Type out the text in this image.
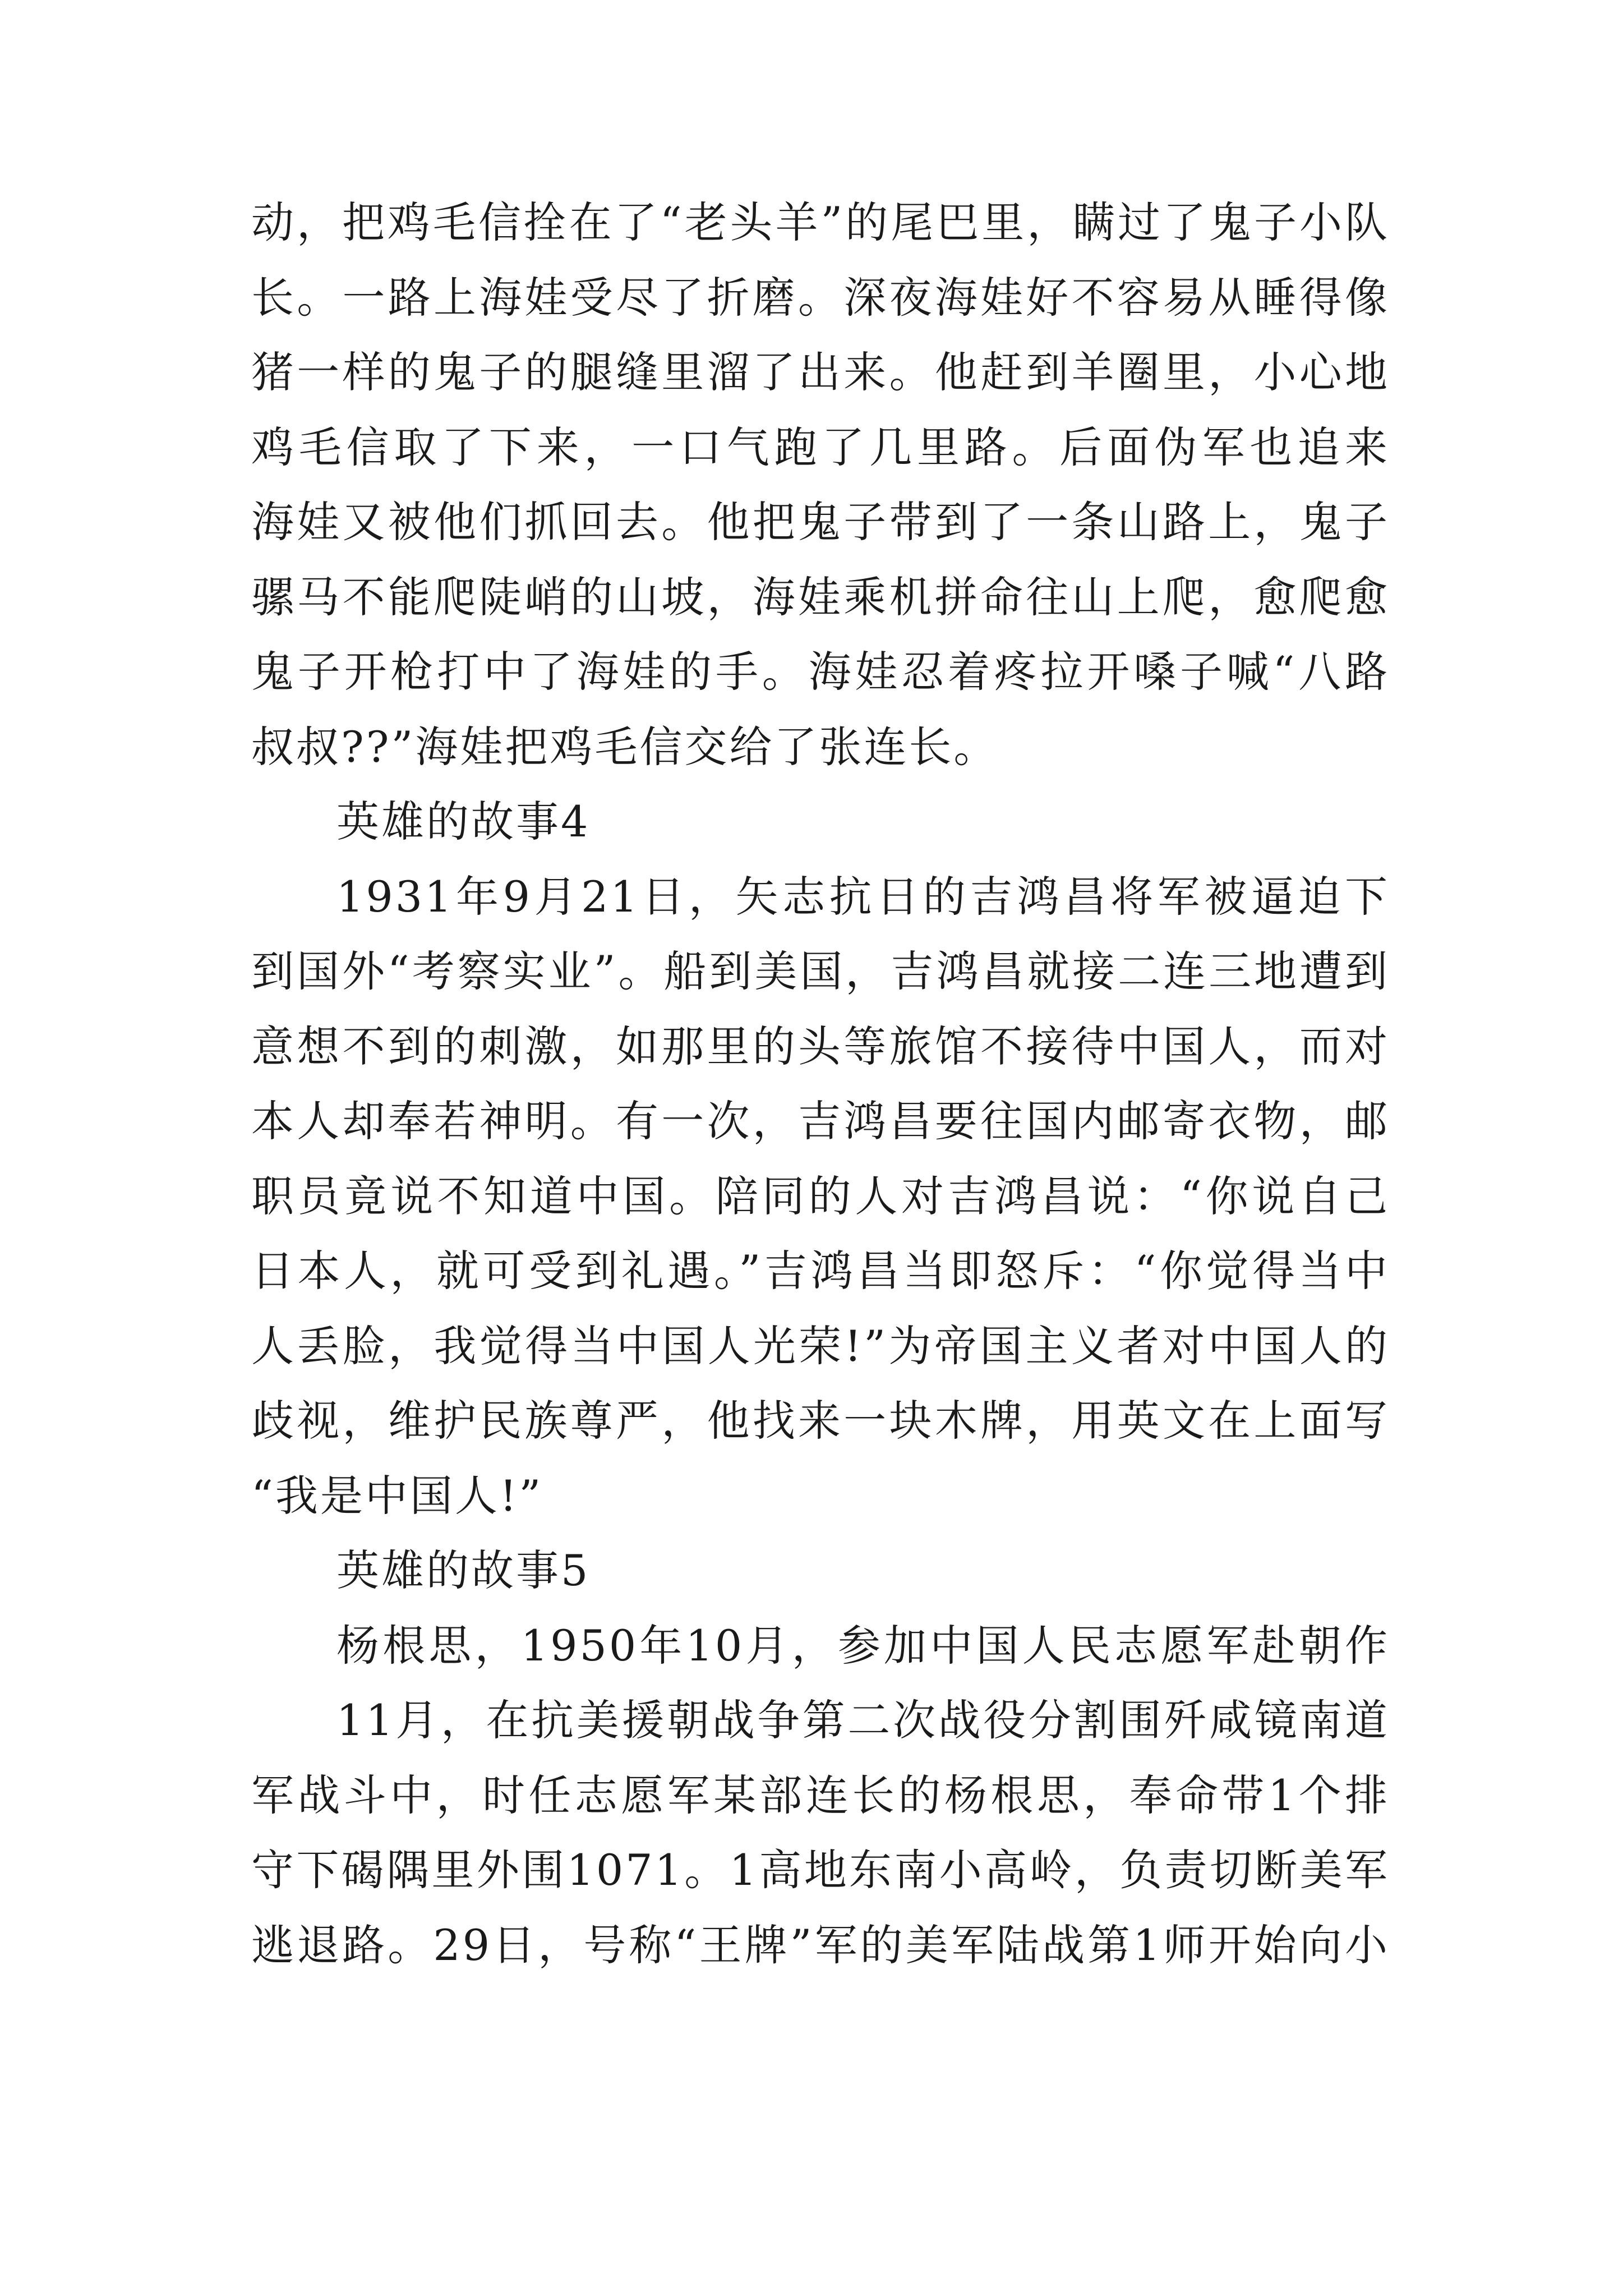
动，把鸡毛信拴在了“老头羊”的尾巴里，瞒过了鬼子小队
长。一路上海娃受尽了折磨。深夜海娃好不容易从睡得像
猪一样的鬼子的腿缝里溜了出来。他赶到羊圈里，小心地
鸡毛信取了下来，一口气跑了几里路。后面伪军也追来
海娃又被他们抓回去。他把鬼子带到了一条山路上，鬼子
骡马不能爬陡峭的山坡，海娃乘机拼命往山上爬，愈爬愈
鬼子开枪打中了海娃的手。海娃忍着疼拉开嗓子喊“八路
叔叔??”海娃把鸡毛信交给了张连长。
英雄的故事4
1931年9月21日，矢志抗日的吉鸿昌将军被逼迫下
到国外“考察实业”。船到美国，吉鸿昌就接二连三地遭到
意想不到的刺激，如那里的头等旅馆不接待中国人，而对
本人却奉若神明。有一次，吉鸿昌要往国内邮寄衣物，邮
职员竟说不知道中国。陪同的人对吉鸿昌说：“你说自己
日本人，就可受到礼遇。”吉鸿昌当即怒斥：“你觉得当中
人丢脸，我觉得当中国人光荣!”为帝国主义者对中国人的
歧视，维护民族尊严，他找来一块木牌，用英文在上面写
“我是中国人!”
英雄的故事5
杨根思，1950年10月，参加中国人民志愿军赴朝作
11月，在抗美援朝战争第二次战役分割围歼咸镜南道
军战斗中，时任志愿军某部连长的杨根思，奉命带1个排
守下碣隅里外围1071。1高地东南小高岭，负责切断美军
逃退路。29日，号称“王牌”军的美军陆战第1师开始向小
